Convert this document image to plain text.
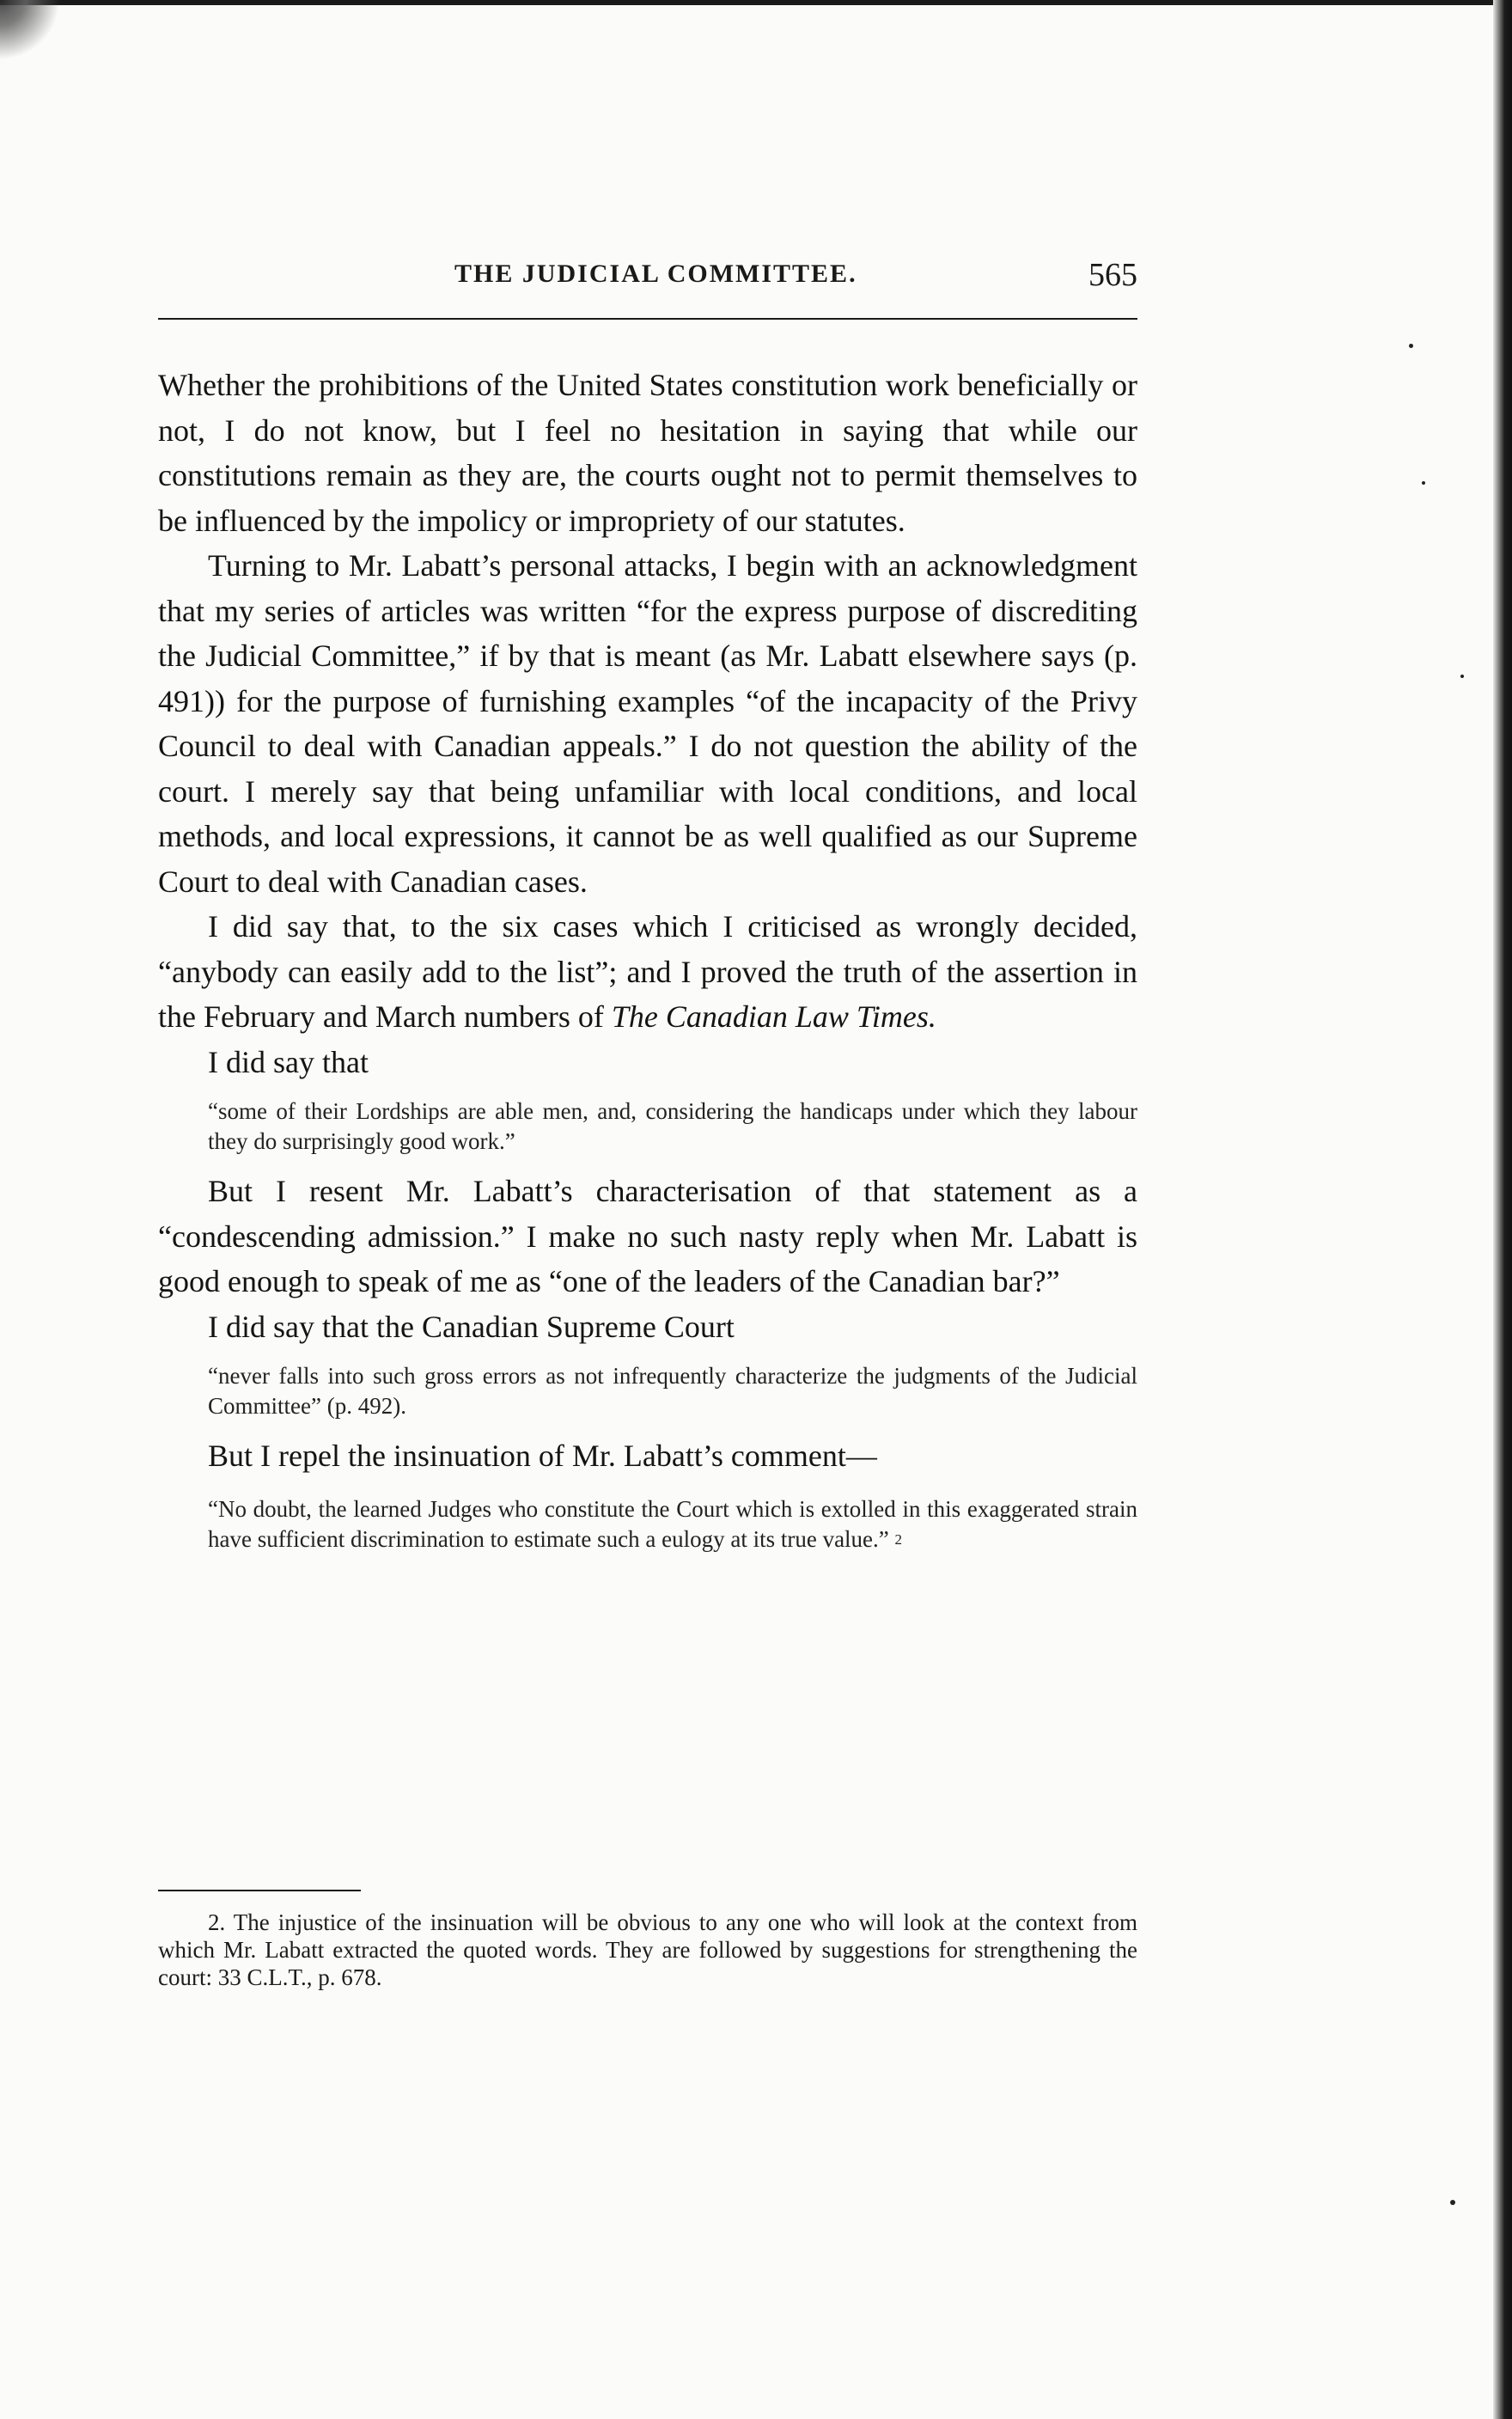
THE JUDICIAL COMMITTEE.	565

Whether the prohibitions of the United States constitution work beneficially or not, I do not know, but I feel no hesitation in saying that while our constitutions remain as they are, the courts ought not to permit themselves to be influenced by the impolicy or impropriety of our statutes.

Turning to Mr. Labatt’s personal attacks, I begin with an acknowledgment that my series of articles was written “for the express purpose of discrediting the Judicial Committee,” if by that is meant (as Mr. Labatt elsewhere says (p. 491)) for the purpose of furnishing examples “of the incapacity of the Privy Council to deal with Canadian appeals.” I do not question the ability of the court. I merely say that being unfamiliar with local conditions, and local methods, and local expressions, it cannot be as well qualified as our Supreme Court to deal with Canadian cases.

I did say that, to the six cases which I criticised as wrongly decided, “anybody can easily add to the list”; and I proved the truth of the assertion in the February and March numbers of The Canadian Law Times.

I did say that

“some of their Lordships are able men, and, considering the handicaps under which they labour they do surprisingly good work.”

But I resent Mr. Labatt’s characterisation of that statement as a “condescending admission.” I make no such nasty reply when Mr. Labatt is good enough to speak of me as “one of the leaders of the Canadian bar?”

I did say that the Canadian Supreme Court

“never falls into such gross errors as not infrequently characterize the judgments of the Judicial Committee” (p. 492).

But I repel the insinuation of Mr. Labatt’s comment—

“No doubt, the learned Judges who constitute the Court which is extolled in this exaggerated strain have sufficient discrimination to estimate such a eulogy at its true value.” $^2$

2. The injustice of the insinuation will be obvious to any one who will look at the context from which Mr. Labatt extracted the quoted words. They are followed by suggestions for strengthening the court: 33 C.L.T., p. 678.
